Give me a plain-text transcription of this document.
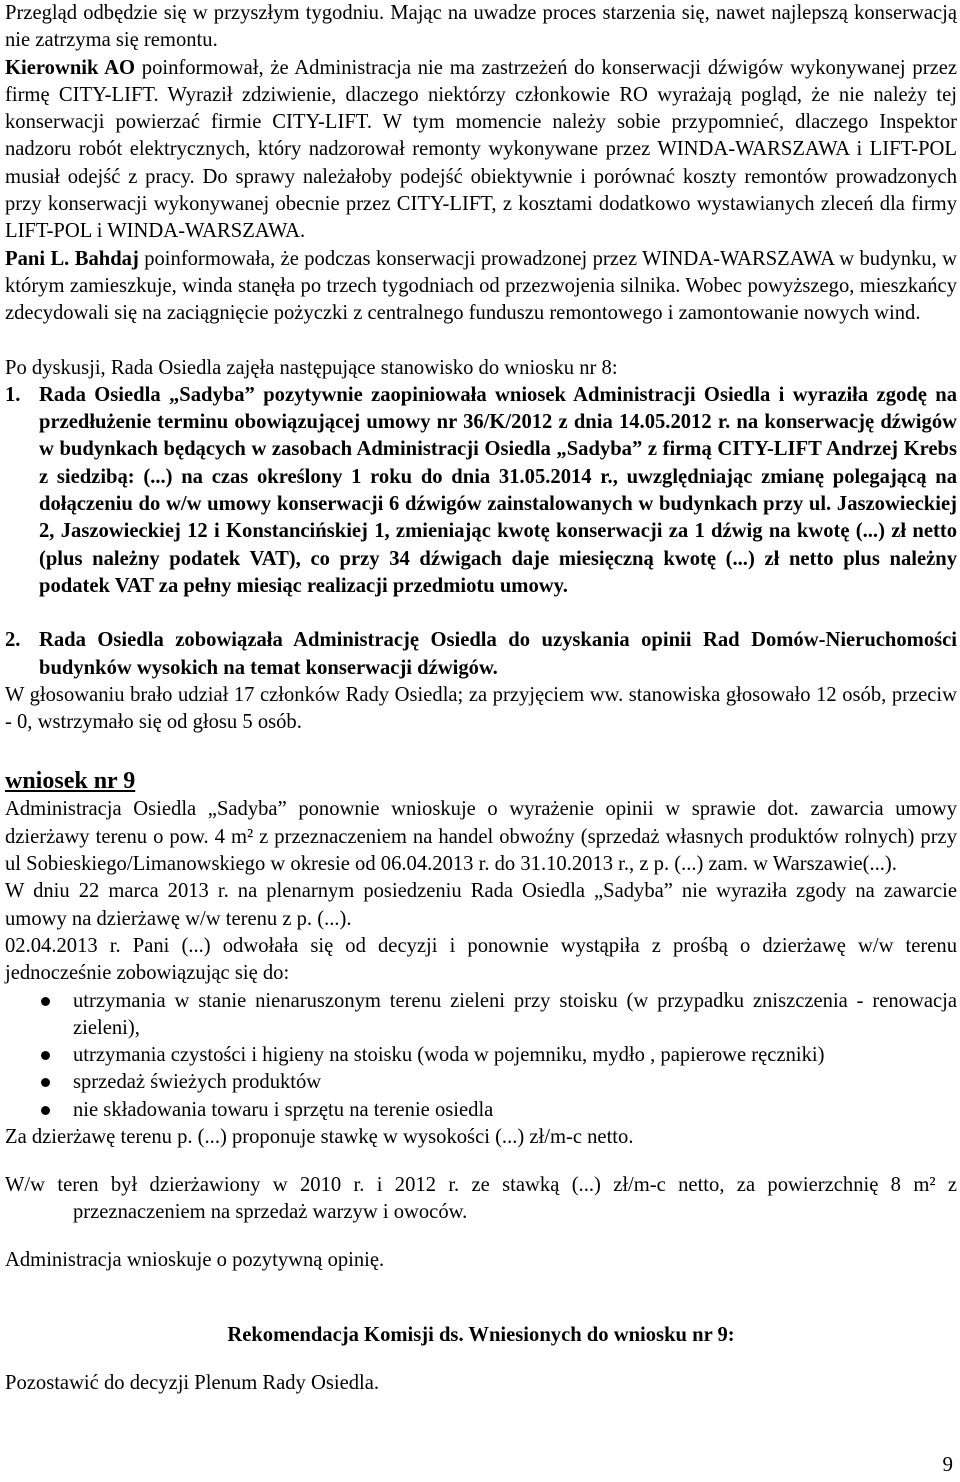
Przegląd odbędzie się w przyszłym tygodniu. Mając na uwadze proces starzenia się, nawet najlepszą konserwacją nie zatrzyma się remontu.

Kierownik AO poinformował, że Administracja nie ma zastrzeżeń do konserwacji dźwigów wykonywanej przez firmę CITY-LIFT. Wyraził zdziwienie, dlaczego niektórzy członkowie RO wyrażają pogląd, że nie należy tej konserwacji powierzać firmie CITY-LIFT. W tym momencie należy sobie przypomnieć, dlaczego Inspektor nadzoru robót elektrycznych, który nadzorował remonty wykonywane przez WINDA-WARSZAWA i LIFT-POL musiał odejść z pracy. Do sprawy należałoby podejść obiektywnie i porównać koszty remontów prowadzonych przy konserwacji wykonywanej obecnie przez CITY-LIFT, z kosztami dodatkowo wystawianych zleceń dla firmy LIFT-POL i WINDA-WARSZAWA.

Pani L. Bahdaj poinformowała, że podczas konserwacji prowadzonej przez WINDA-WARSZAWA w budynku, w którym zamieszkuje, winda stanęła po trzech tygodniach od przezwojenia silnika. Wobec powyższego, mieszkańcy zdecydowali się na zaciągnięcie pożyczki z centralnego funduszu remontowego i zamontowanie nowych wind.

Po dyskusji, Rada Osiedla zajęła następujące stanowisko do wniosku nr 8:

1. Rada Osiedla „Sadyba” pozytywnie zaopiniowała wniosek Administracji Osiedla i wyraziła zgodę na przedłużenie terminu obowiązującej umowy nr 36/K/2012 z dnia 14.05.2012 r. na konserwację dźwigów w budynkach będących w zasobach Administracji Osiedla „Sadyba” z firmą CITY-LIFT Andrzej Krebs z siedzibą: (...) na czas określony 1 roku do dnia 31.05.2014 r., uwzględniając zmianę polegającą na dołączeniu do w/w umowy konserwacji 6 dźwigów zainstalowanych w budynkach przy ul. Jaszowieckiej 2, Jaszowieckiej 12 i Konstancińskiej 1, zmieniając kwotę konserwacji za 1 dźwig na kwotę (...) zł netto (plus należny podatek VAT), co przy 34 dźwigach daje miesięczną kwotę (...) zł netto plus należny podatek VAT za pełny miesiąc realizacji przedmiotu umowy.
2. Rada Osiedla zobowiązała Administrację Osiedla do uzyskania opinii Rad Domów-Nieruchomości budynków wysokich na temat konserwacji dźwigów.

W głosowaniu brało udział 17 członków Rady Osiedla; za przyjęciem ww. stanowiska głosowało 12 osób, przeciw - 0, wstrzymało się od głosu 5 osób.

wniosek nr 9

Administracja Osiedla „Sadyba” ponownie wnioskuje o wyrażenie opinii w sprawie dot. zawarcia umowy dzierżawy terenu o pow. 4 m² z przeznaczeniem na handel obwoźny (sprzedaż własnych produktów rolnych) przy ul Sobieskiego/Limanowskiego w okresie od 06.04.2013 r. do 31.10.2013 r., z p. (...) zam. w Warszawie(...).

W dniu 22 marca 2013 r. na plenarnym posiedzeniu Rada Osiedla „Sadyba” nie wyraziła zgody na zawarcie umowy na dzierżawę w/w terenu z p. (...).

02.04.2013 r. Pani (...) odwołała się od decyzji i ponownie wystąpiła z prośbą o dzierżawę w/w terenu jednocześnie zobowiązując się do:

utrzymania w stanie nienaruszonym terenu zieleni przy stoisku (w przypadku zniszczenia - renowacja zieleni),
utrzymania czystości i higieny na stoisku (woda w pojemniku, mydło , papierowe ręczniki)
sprzedaż świeżych produktów
nie składowania towaru i sprzętu na terenie osiedla

Za dzierżawę terenu p. (...) proponuje stawkę w wysokości (...) zł/m-c netto.

W/w teren był dzierżawiony w 2010 r. i 2012 r. ze stawką (...) zł/m-c netto, za powierzchnię 8 m² z przeznaczeniem na sprzedaż warzyw i owoców.

Administracja wnioskuje o pozytywną opinię.

Rekomendacja Komisji ds. Wniesionych do wniosku nr 9:

Pozostawić do decyzji Plenum Rady Osiedla.

9
